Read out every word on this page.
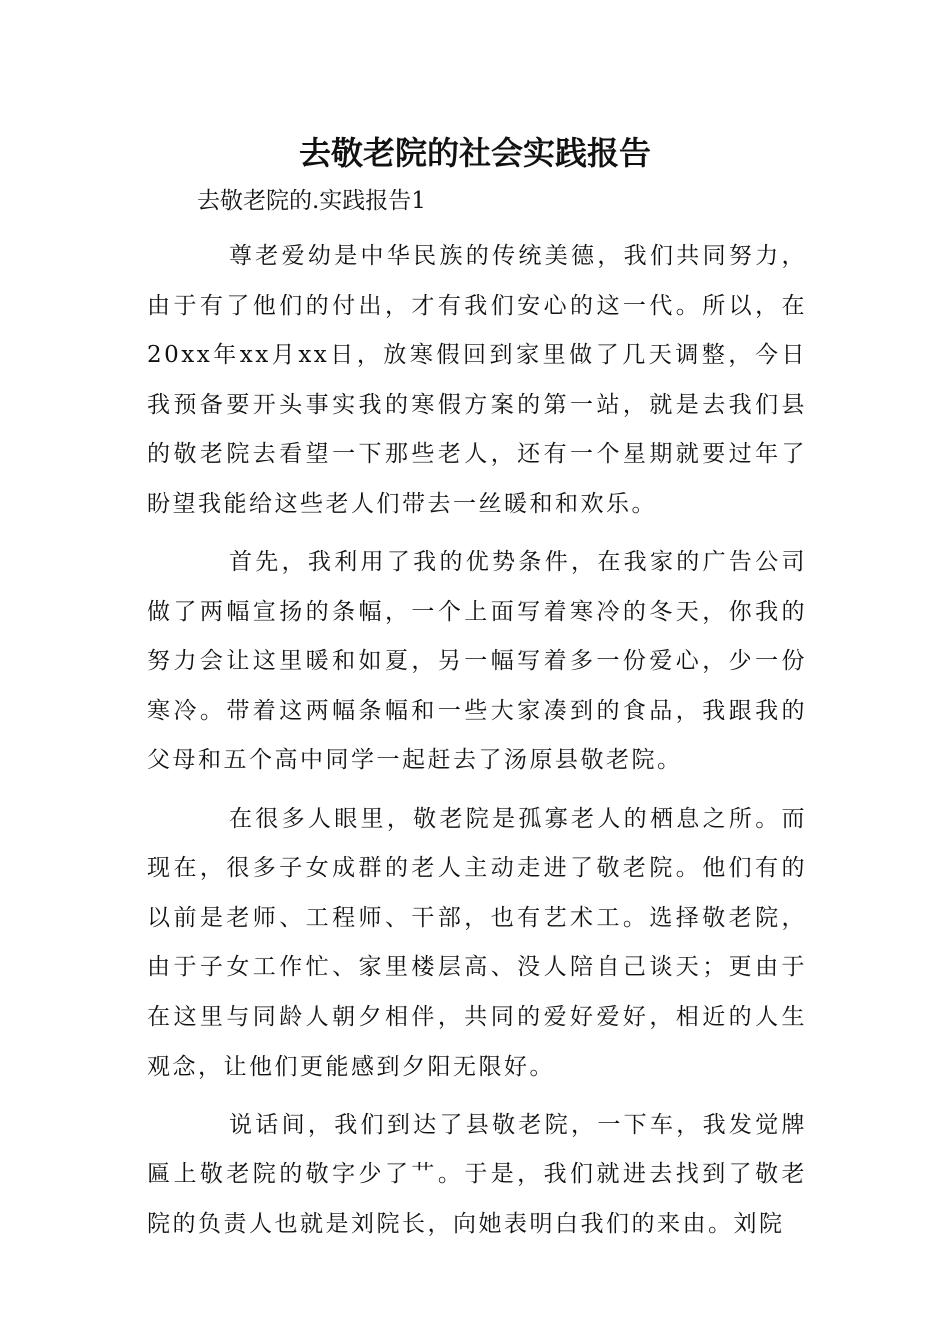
去敬老院的社会实践报告
去敬老院的.实践报告1

尊老爱幼是中华民族的传统美德，我们共同努力，由于有了他们的付出，才有我们安心的这一代。所以，在20xx年xx月xx日，放寒假回到家里做了几天调整，今日我预备要开头事实我的寒假方案的第一站，就是去我们县的敬老院去看望一下那些老人，还有一个星期就要过年了盼望我能给这些老人们带去一丝暖和和欢乐。

首先，我利用了我的优势条件，在我家的广告公司做了两幅宣扬的条幅，一个上面写着寒冷的冬天，你我的努力会让这里暖和如夏，另一幅写着多一份爱心，少一份寒冷。带着这两幅条幅和一些大家凑到的食品，我跟我的父母和五个高中同学一起赶去了汤原县敬老院。

在很多人眼里，敬老院是孤寡老人的栖息之所。而现在，很多子女成群的老人主动走进了敬老院。他们有的以前是老师、工程师、干部，也有艺术工。选择敬老院，由于子女工作忙、家里楼层高、没人陪自己谈天；更由于在这里与同龄人朝夕相伴，共同的爱好爱好，相近的人生观念，让他们更能感到夕阳无限好。

说话间，我们到达了县敬老院，一下车，我发觉牌匾上敬老院的敬字少了艹。于是，我们就进去找到了敬老院的负责人也就是刘院长，向她表明白我们的来由。刘院
